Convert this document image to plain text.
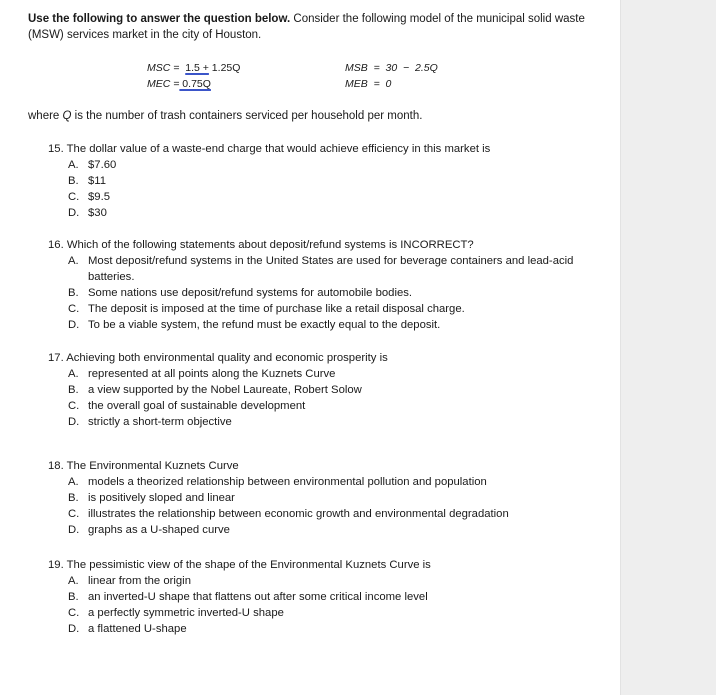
Use the following to answer the question below. Consider the following model of the municipal solid waste (MSW) services market in the city of Houston.
MSC = 1.5 + 1.25Q
MEC = 0.75Q
MSB  =  30  −  2.5Q
MEB  =  0
where Q is the number of trash containers serviced per household per month.
15. The dollar value of a waste-end charge that would achieve efficiency in this market is
A. $7.60
B. $11
C. $9.5
D. $30
16. Which of the following statements about deposit/refund systems is INCORRECT?
A. Most deposit/refund systems in the United States are used for beverage containers and lead-acid batteries.
B. Some nations use deposit/refund systems for automobile bodies.
C. The deposit is imposed at the time of purchase like a retail disposal charge.
D. To be a viable system, the refund must be exactly equal to the deposit.
17. Achieving both environmental quality and economic prosperity is
A. represented at all points along the Kuznets Curve
B. a view supported by the Nobel Laureate, Robert Solow
C. the overall goal of sustainable development
D. strictly a short-term objective
18. The Environmental Kuznets Curve
A. models a theorized relationship between environmental pollution and population
B. is positively sloped and linear
C. illustrates the relationship between economic growth and environmental degradation
D. graphs as a U-shaped curve
19. The pessimistic view of the shape of the Environmental Kuznets Curve is
A. linear from the origin
B. an inverted-U shape that flattens out after some critical income level
C. a perfectly symmetric inverted-U shape
D. a flattened U-shape
